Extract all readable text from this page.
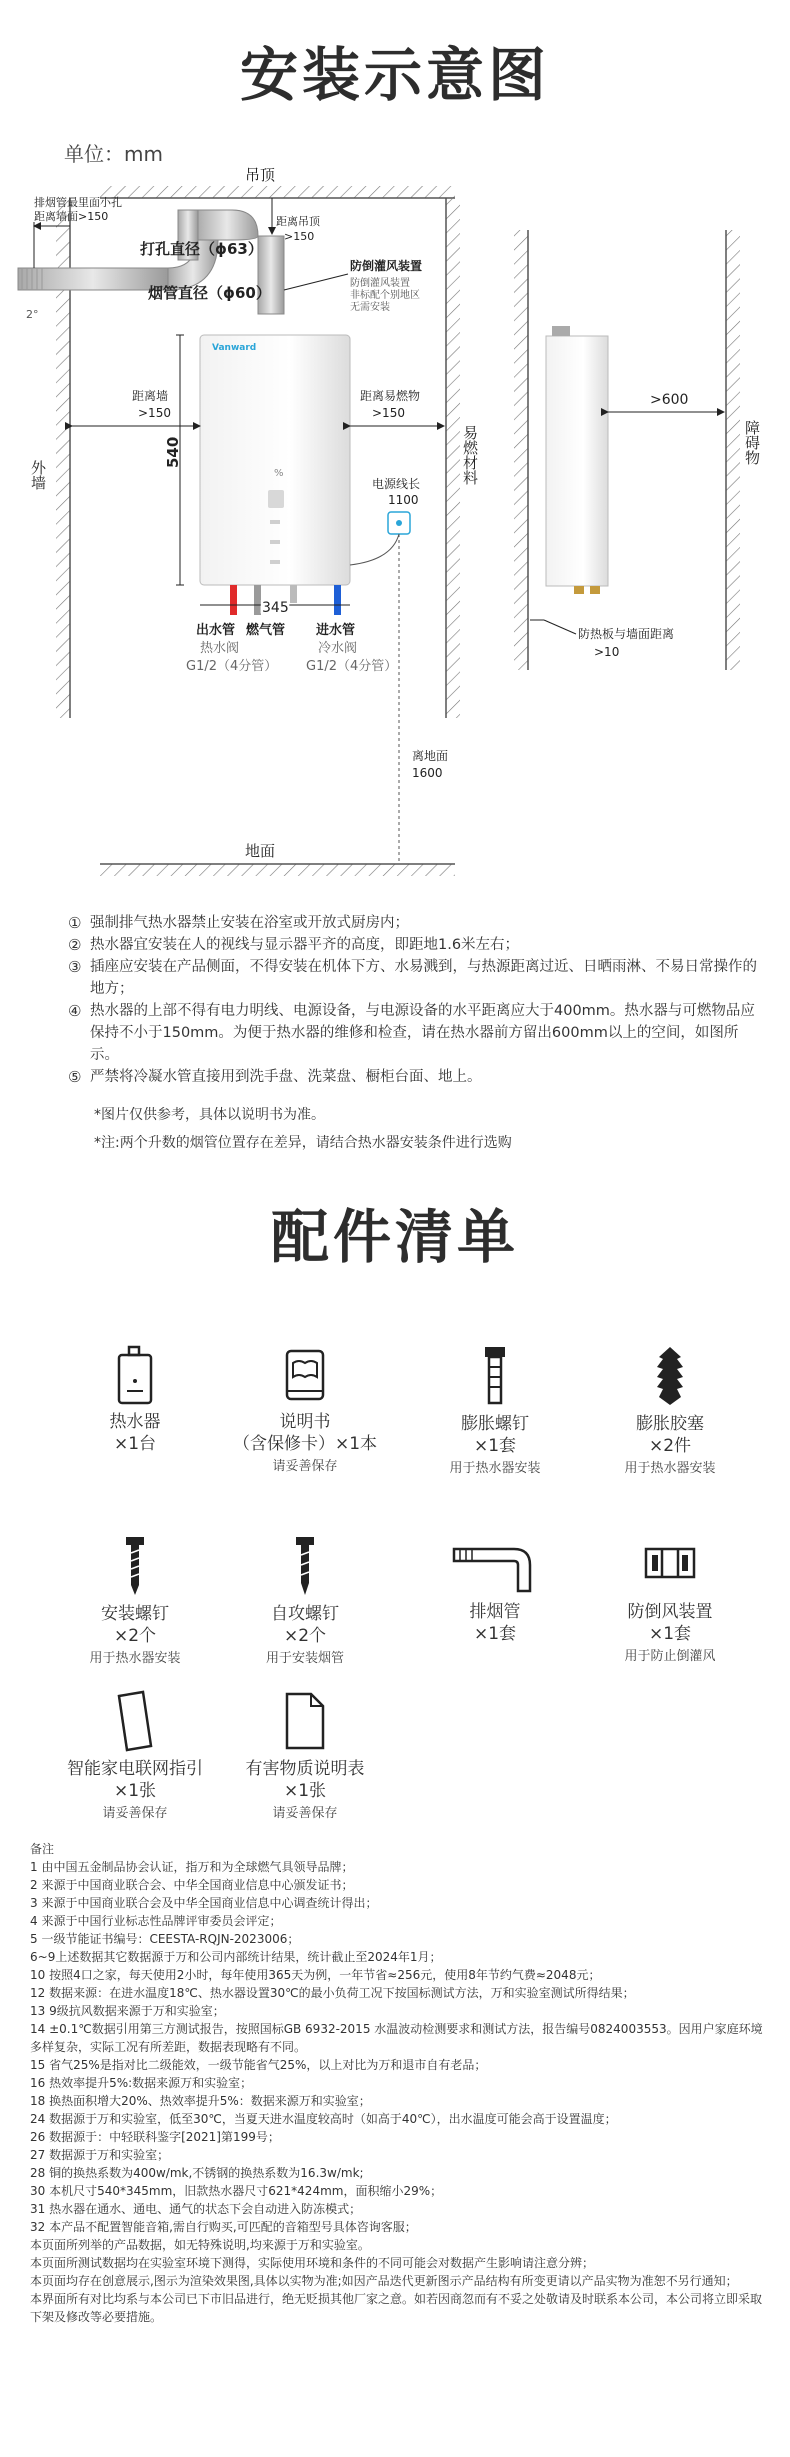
安装示意图
单位：mm
吊顶
外墙	易燃材料
地面
排烟管最里面小孔
距离墙面>150
2°
打孔直径（ϕ63）
烟管直径（ϕ60）
距离吊顶
>150
防倒灌风装置
防倒灌风装置
非标配个别地区
无需安装
Vanward
%
540
345
距离墙
>150
距离易燃物
>150
电源线长
1100
离地面
1600
出水管 燃气管 进水管
热水阀
G1/2（4分管）
冷水阀
G1/2（4分管）
>600
障碍物
防热板与墙面距离
>10
① 强制排气热水器禁止安装在浴室或开放式厨房内；
② 热水器宜安装在人的视线与显示器平齐的高度，即距地1.6米左右；
③ 插座应安装在产品侧面，不得安装在机体下方、水易溅到，与热源距离过近、日晒雨淋、不易日常操作的地方；
④ 热水器的上部不得有电力明线、电源设备，与电源设备的水平距离应大于400mm。热水器与可燃物品应保持不小于150mm。为便于热水器的维修和检查，请在热水器前方留出600mm以上的空间，如图所示。
⑤ 严禁将冷凝水管直接用到洗手盘、洗菜盘、橱柜台面、地上。
*图片仅供参考，具体以说明书为准。
*注:两个升数的烟管位置存在差异，请结合热水器安装条件进行选购
配件清单
热水器
×1台
说明书
（含保修卡）×1本
请妥善保存
膨胀螺钉
×1套
用于热水器安装
膨胀胶塞
×2件
用于热水器安装
安装螺钉
×2个
用于热水器安装
自攻螺钉
×2个
用于安装烟管
排烟管
×1套
防倒风装置
×1套
用于防止倒灌风
智能家电联网指引
×1张
请妥善保存
有害物质说明表
×1张
请妥善保存
备注
1 由中国五金制品协会认证，指万和为全球燃气具领导品牌；
2 来源于中国商业联合会、中华全国商业信息中心颁发证书；
3 来源于中国商业联合会及中华全国商业信息中心调查统计得出；
4 来源于中国行业标志性品牌评审委员会评定；
5 一级节能证书编号：CEESTA-RQJN-2023006；
6~9上述数据其它数据源于万和公司内部统计结果，统计截止至2024年1月；
10 按照4口之家，每天使用2小时，每年使用365天为例，一年节省≈256元，使用8年节约气费≈2048元；
12 数据来源：在进水温度18℃、热水器设置30℃的最小负荷工况下按国标测试方法，万和实验室测试所得结果；
13 9级抗风数据来源于万和实验室；
14 ±0.1℃数据引用第三方测试报告，按照国标GB 6932-2015 水温波动检测要求和测试方法，报告编号0824003553。因用户家庭环境多样复杂，实际工况有所差距，数据表现略有不同。
15 省气25%是指对比二级能效，一级节能省气25%，以上对比为万和退市自有老品；
16 热效率提升5%:数据来源万和实验室；
18 换热面积增大20%、热效率提升5%：数据来源万和实验室；
24 数据源于万和实验室，低至30℃，当夏天进水温度较高时（如高于40℃），出水温度可能会高于设置温度；
26 数据源于：中轻联科鉴字[2021]第199号；
27 数据源于万和实验室；
28 铜的换热系数为400w/mk,不锈钢的换热系数为16.3w/mk;
30 本机尺寸540*345mm，旧款热水器尺寸621*424mm，面积缩小29%；
31 热水器在通水、通电、通气的状态下会自动进入防冻模式；
32 本产品不配置智能音箱,需自行购买,可匹配的音箱型号具体咨询客服；
本页面所列举的产品数据，如无特殊说明,均来源于万和实验室。
本页面所测试数据均在实验室环境下测得，实际使用环境和条件的不同可能会对数据产生影响请注意分辨；
本页面均存在创意展示,图示为渲染效果图,具体以实物为准;如因产品迭代更新图示产品结构有所变更请以产品实物为准恕不另行通知；
本界面所有对比均系与本公司已下市旧品进行，绝无贬损其他厂家之意。如若因商忽而有不妥之处敬请及时联系本公司，本公司将立即采取下架及修改等必要措施。
